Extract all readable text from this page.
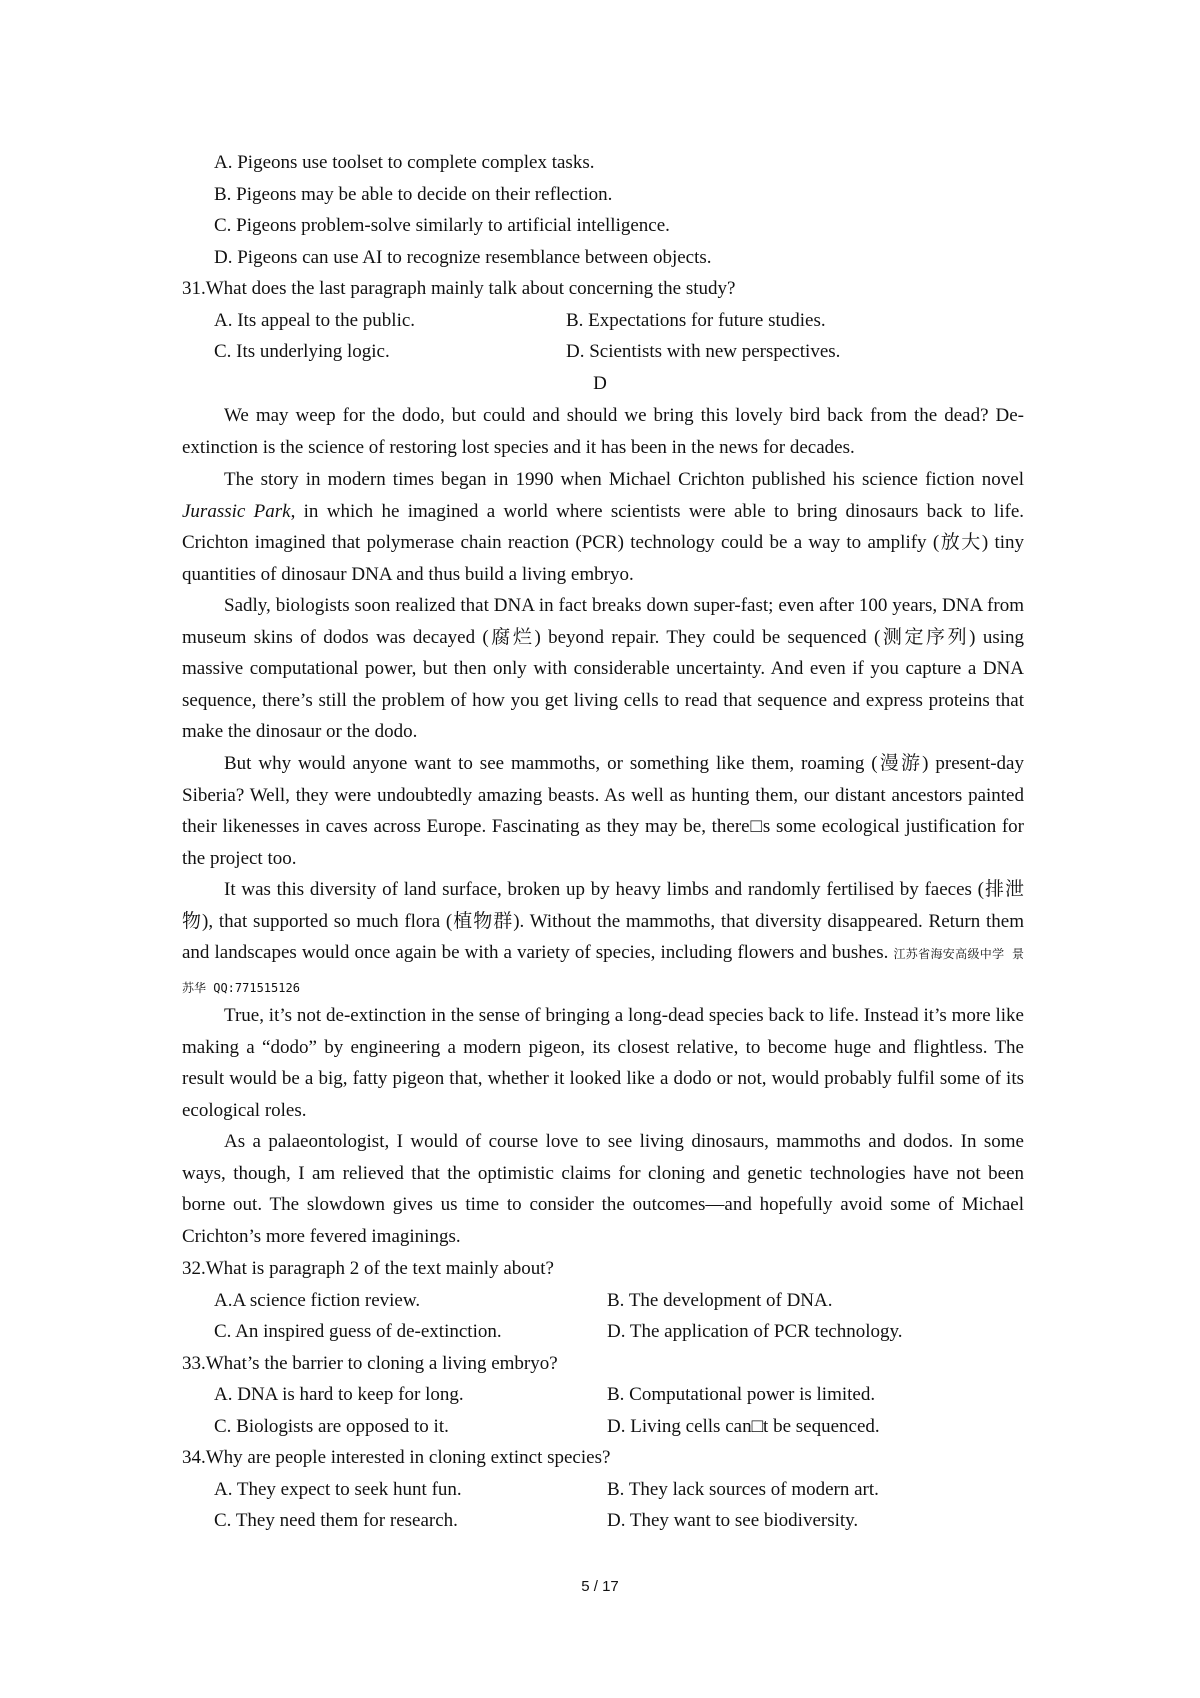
A. Pigeons use toolset to complete complex tasks.
B. Pigeons may be able to decide on their reflection.
C. Pigeons problem-solve similarly to artificial intelligence.
D. Pigeons can use AI to recognize resemblance between objects.
31.What does the last paragraph mainly talk about concerning the study?
A. Its appeal to the public.	B. Expectations for future studies.
C. Its underlying logic.	D. Scientists with new perspectives.
D
We may weep for the dodo, but could and should we bring this lovely bird back from the dead? De-extinction is the science of restoring lost species and it has been in the news for decades.
The story in modern times began in 1990 when Michael Crichton published his science fiction novel Jurassic Park, in which he imagined a world where scientists were able to bring dinosaurs back to life. Crichton imagined that polymerase chain reaction (PCR) technology could be a way to amplify (放大) tiny quantities of dinosaur DNA and thus build a living embryo.
Sadly, biologists soon realized that DNA in fact breaks down super-fast; even after 100 years, DNA from museum skins of dodos was decayed (腐烂) beyond repair. They could be sequenced (测定序列) using massive computational power, but then only with considerable uncertainty. And even if you capture a DNA sequence, there’s still the problem of how you get living cells to read that sequence and express proteins that make the dinosaur or the dodo.
But why would anyone want to see mammoths, or something like them, roaming (漫游) present-day Siberia? Well, they were undoubtedly amazing beasts. As well as hunting them, our distant ancestors painted their likenesses in caves across Europe. Fascinating as they may be, there□s some ecological justification for the project too.
It was this diversity of land surface, broken up by heavy limbs and randomly fertilised by faeces (排泄物), that supported so much flora (植物群). Without the mammoths, that diversity disappeared. Return them and landscapes would once again be with a variety of species, including flowers and bushes. 江苏省海安高级中学 景苏华 QQ:771515126
True, it’s not de-extinction in the sense of bringing a long-dead species back to life. Instead it’s more like making a “dodo” by engineering a modern pigeon, its closest relative, to become huge and flightless. The result would be a big, fatty pigeon that, whether it looked like a dodo or not, would probably fulfil some of its ecological roles.
As a palaeontologist, I would of course love to see living dinosaurs, mammoths and dodos. In some ways, though, I am relieved that the optimistic claims for cloning and genetic technologies have not been borne out. The slowdown gives us time to consider the outcomes—and hopefully avoid some of Michael Crichton’s more fevered imaginings.
32.What is paragraph 2 of the text mainly about?
A.A science fiction review.	B. The development of DNA.
C. An inspired guess of de-extinction.	D. The application of PCR technology.
33.What’s the barrier to cloning a living embryo?
A. DNA is hard to keep for long.	B. Computational power is limited.
C. Biologists are opposed to it.	D. Living cells can□t be sequenced.
34.Why are people interested in cloning extinct species?
A. They expect to seek hunt fun.	B. They lack sources of modern art.
C. They need them for research.	D. They want to see biodiversity.
5 / 17
